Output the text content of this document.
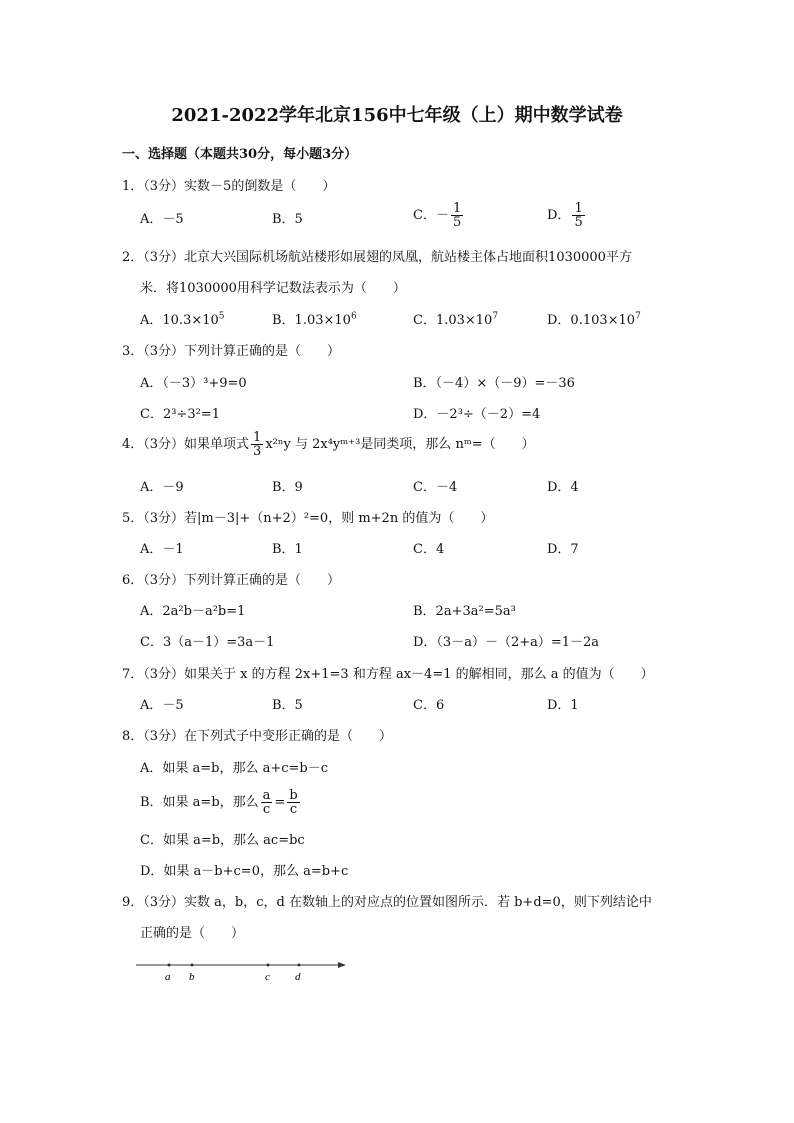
2021-2022学年北京156中七年级（上）期中数学试卷
一、选择题（本题共30分，每小题3分）
1．（3分）实数－5的倒数是（　　）
A．－5	B．5	C．－ $\frac{1}{5}$	D． $\frac{1}{5}$
2．（3分）北京大兴国际机场航站楼形如展翅的凤凰，航站楼主体占地面积1030000平方
米．将1030000用科学记数法表示为（　　）
A．$10.3\times 10^5$	B．$1.03\times 10^6$	C．$1.03\times 10^7$	D．$0.103\times 10^7$
3．（3分）下列计算正确的是（　　）
A．（－3）³+9=0	B．（－4）×（－9）=－36
C．2³÷3²=1	D．－2³÷（－2）=4
4．（3分）如果单项式 $\frac{1}{3} x^{2n}y$ 与 2x⁴yᵐ⁺³是同类项，那么 nᵐ=（　　）
A．－9	B．9	C．－4	D．4
5．（3分）若|m－3|+（n+2）²=0，则 m+2n 的值为（　　）
A．－1	B．1	C．4	D．7
6．（3分）下列计算正确的是（　　）
A．2a²b－a²b=1	B．2a+3a²=5a³
C．3（a－1）=3a－1	D．（3－a）－（2+a）=1－2a
7．（3分）如果关于 x 的方程 2x+1=3 和方程 ax－4=1 的解相同，那么 a 的值为（　　）
A．－5	B．5	C．6	D．1
8．（3分）在下列式子中变形正确的是（　　）
A．如果 a=b，那么 a+c=b－c
B．如果 a=b，那么 $\frac{a}{c} = \frac{b}{c}$
C．如果 a=b，那么 ac=bc
D．如果 a－b+c=0，那么 a=b+c
9．（3分）实数 a，b，c，d 在数轴上的对应点的位置如图所示．若 b+d=0，则下列结论中
正确的是（　　）
a b	c d
